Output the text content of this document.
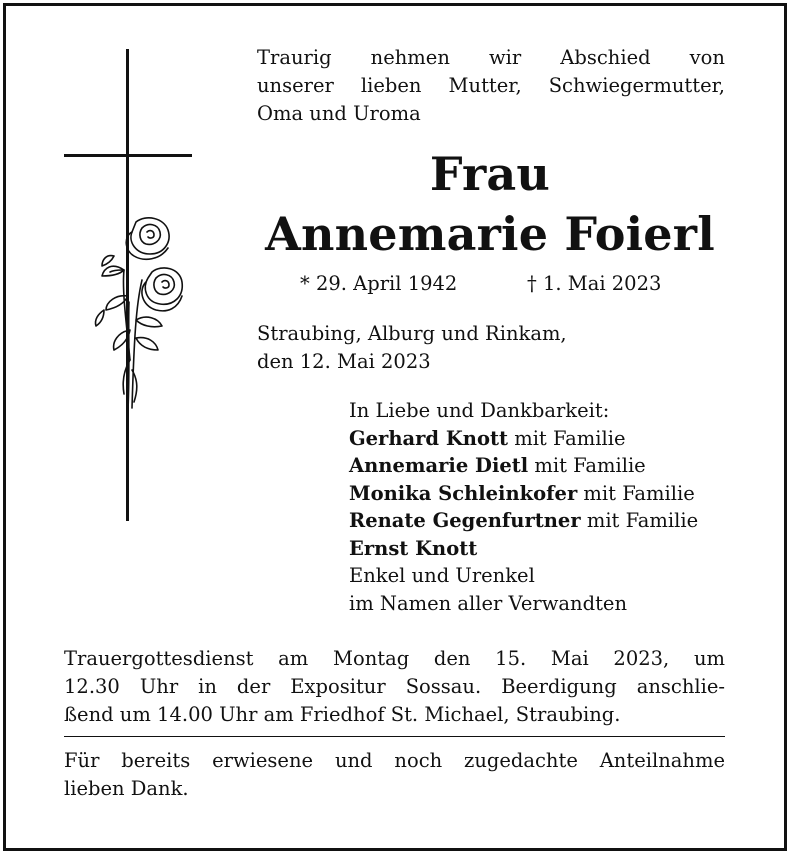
Traurig nehmen wir Abschied von
unserer lieben Mutter, Schwiegermutter,
Oma und Uroma
Frau
Annemarie Foierl
* 29. April 1942	† 1. Mai 2023
Straubing, Alburg und Rinkam,
den 12. Mai 2023
In Liebe und Dankbarkeit:
Gerhard Knott mit Familie
Annemarie Dietl mit Familie
Monika Schleinkofer mit Familie
Renate Gegenfurtner mit Familie
Ernst Knott
Enkel und Urenkel
im Namen aller Verwandten
Trauergottesdienst am Montag den 15. Mai 2023, um
12.30 Uhr in der Expositur Sossau. Beerdigung anschlie-
ßend um 14.00 Uhr am Friedhof St. Michael, Straubing.
Für bereits erwiesene und noch zugedachte Anteilnahme
lieben Dank.
